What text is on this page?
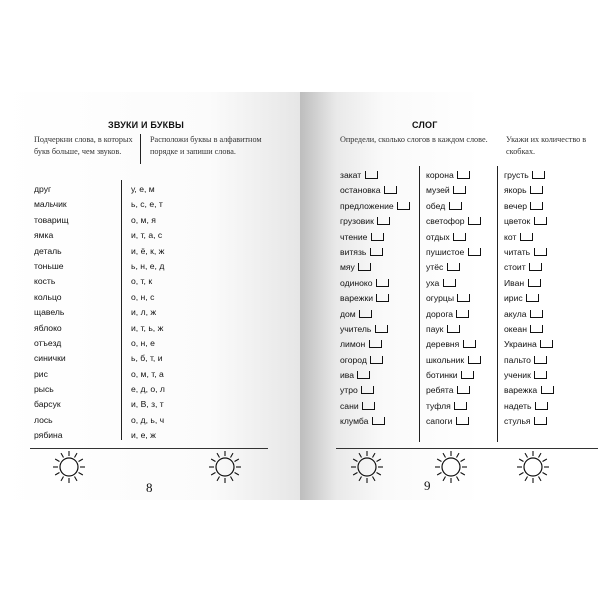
ЗВУКИ И БУКВЫ
Подчеркни слова, в которых букв больше, чем звуков.
Расположи буквы в алфавитном порядке и запиши слова.
друг
мальчик
товарищ
ямка
деталь
тоньше
кость
кольцо
щавель
яблоко
отъезд
синички
рис
рысь
барсук
лось
рябина
у, е, м
ь, с, е, т
о, м, я
и, т, а, с
и, ё, к, ж
ь, н, е, д
о, т, к
о, н, с
и, л, ж
и, т, ь, ж
о, н, е
ь, б, т, и
о, м, т, а
е, д, о, л
и, В, з, т
о, д, ь, ч
и, е, ж
8
СЛОГ
Определи, сколько слогов в каждом слове.	Укажи их количество в скобках.
закат
остановка
предложение
грузовик
чтение
витязь
мяу
одиноко
варежки
дом
учитель
лимон
огород
ива
утро
сани
клумба
корона
музей
обед
светофор
отдых
пушистое
утёс
уха
огурцы
дорога
паук
деревня
школьник
ботинки
ребята
туфля
сапоги
грусть
якорь
вечер
цветок
кот
читать
стоит
Иван
ирис
акула
океан
Украина
пальто
ученик
варежка
надеть
стулья
9
